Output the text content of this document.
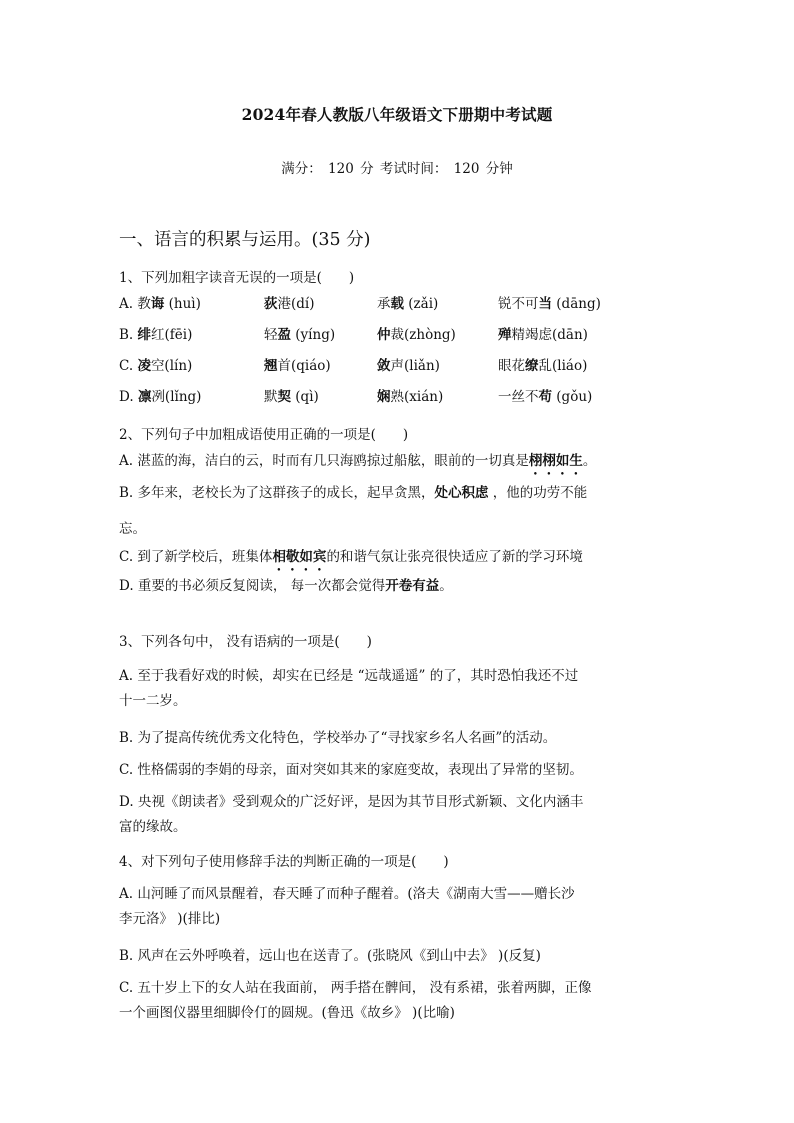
2024年春人教版八年级语文下册期中考试题
满分： 120 分 考试时间： 120 分钟
一、语言的积累与运用。(35 分)
1、下列加粗字读音无误的一项是(　　)
A. 教诲 (huì)	荻港(dí)	承载 (zǎi)	锐不可当 (dāng)
B. 绯红(fēi)	轻盈 (yíng)	仲裁(zhòng)	殚精竭虑(dān)
C. 凌空(lín)	翘首(qiáo)	敛声(liǎn)	眼花缭乱(liáo)
D. 凛冽(lǐng)	默契 (qì)	娴熟(xián)	一丝不苟 (gǒu)
2、下列句子中加粗成语使用正确的一项是(　　)
A. 湛蓝的海，洁白的云，时而有几只海鸥掠过船舷，眼前的一切真是栩栩如生。
B. 多年来，老校长为了这群孩子的成长，起早贪黑，处心积虑 ，他的功劳不能
忘。
C. 到了新学校后，班集体相敬如宾的和谐气氛让张亮很快适应了新的学习环境
D. 重要的书必须反复阅读， 每一次都会觉得开卷有益。
3、下列各句中， 没有语病的一项是(　　)
A. 至于我看好戏的时候，却实在已经是 “远哉遥遥” 的了，其时恐怕我还不过
十一二岁。
B. 为了提高传统优秀文化特色，学校举办了“寻找家乡名人名画”的活动。
C. 性格儒弱的李娟的母亲，面对突如其来的家庭变故，表现出了异常的坚韧。
D. 央视《朗读者》受到观众的广泛好评，是因为其节目形式新颖、文化内涵丰
富的缘故。
4、对下列句子使用修辞手法的判断正确的一项是(　　)
A. 山河睡了而风景醒着，春天睡了而种子醒着。(洛夫《湖南大雪——赠长沙
李元洛》 )(排比)
B. 风声在云外呼唤着，远山也在送青了。(张晓风《到山中去》 )(反复)
C. 五十岁上下的女人站在我面前， 两手搭在髀间， 没有系裙，张着两脚，正像
一个画图仪器里细脚伶仃的圆规。(鲁迅《故乡》 )(比喻)
